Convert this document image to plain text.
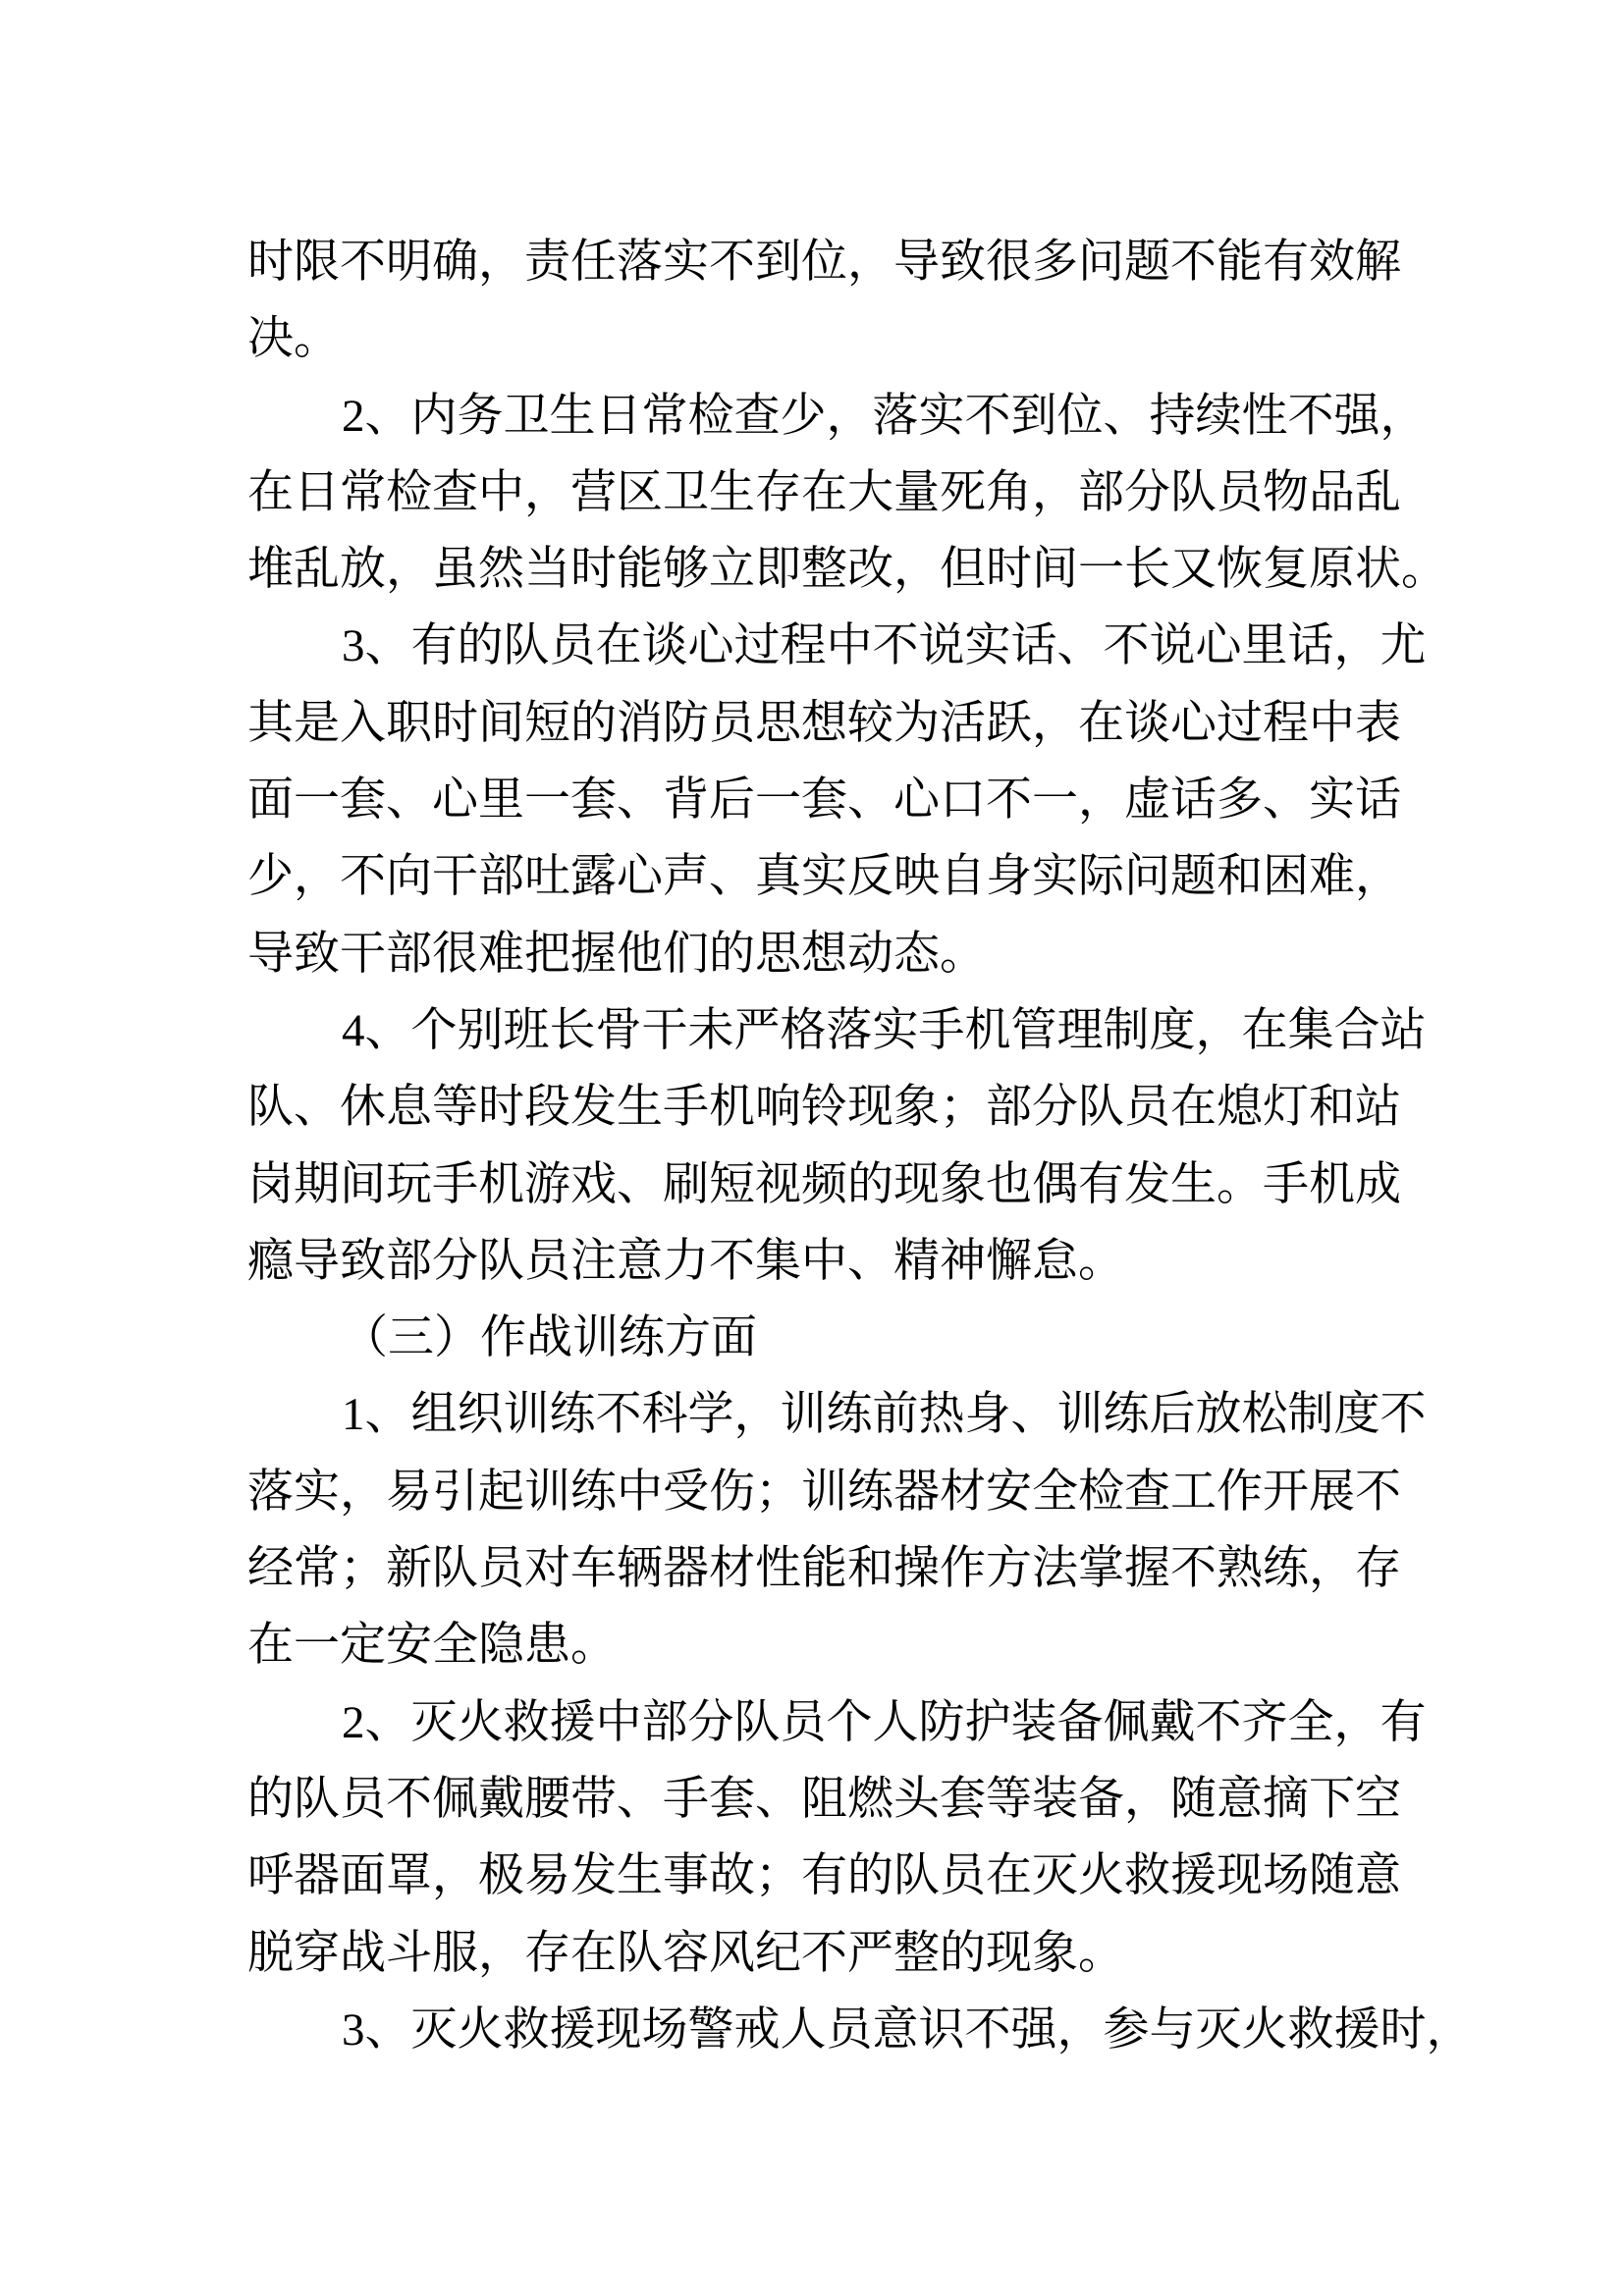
时限不明确，责任落实不到位，导致很多问题不能有效解
决。
2、内务卫生日常检查少，落实不到位、持续性不强，
在日常检查中，营区卫生存在大量死角，部分队员物品乱
堆乱放，虽然当时能够立即整改，但时间一长又恢复原状。
3、有的队员在谈心过程中不说实话、不说心里话，尤
其是入职时间短的消防员思想较为活跃，在谈心过程中表
面一套、心里一套、背后一套、心口不一，虚话多、实话
少，不向干部吐露心声、真实反映自身实际问题和困难，
导致干部很难把握他们的思想动态。
4、个别班长骨干未严格落实手机管理制度，在集合站
队、休息等时段发生手机响铃现象；部分队员在熄灯和站
岗期间玩手机游戏、刷短视频的现象也偶有发生。手机成
瘾导致部分队员注意力不集中、精神懈怠。
（三）作战训练方面
1、组织训练不科学，训练前热身、训练后放松制度不
落实，易引起训练中受伤；训练器材安全检查工作开展不
经常；新队员对车辆器材性能和操作方法掌握不熟练，存
在一定安全隐患。
2、灭火救援中部分队员个人防护装备佩戴不齐全，有
的队员不佩戴腰带、手套、阻燃头套等装备，随意摘下空
呼器面罩，极易发生事故；有的队员在灭火救援现场随意
脱穿战斗服，存在队容风纪不严整的现象。
3、灭火救援现场警戒人员意识不强，参与灭火救援时，
